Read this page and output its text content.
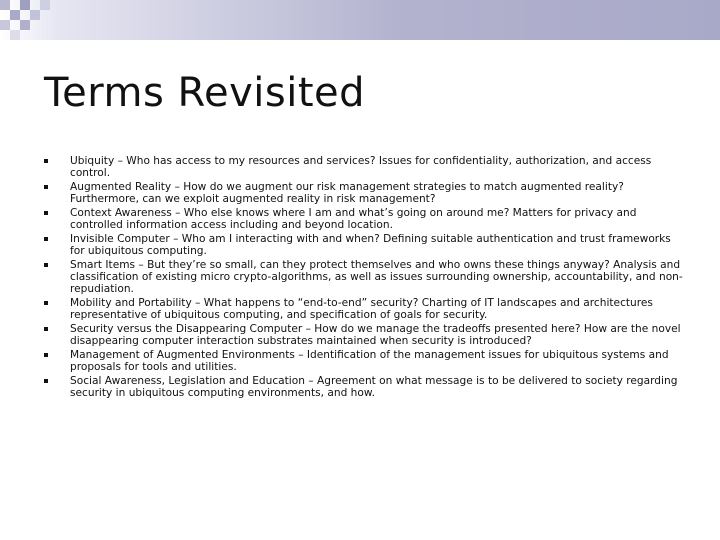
Terms Revisited
Ubiquity – Who has access to my resources and services? Issues for confidentiality, authorization, and access control.
Augmented Reality – How do we augment our risk management strategies to match augmented reality? Furthermore, can we exploit augmented reality in risk management?
Context Awareness – Who else knows where I am and what’s going on around me? Matters for privacy and controlled information access including and beyond location.
Invisible Computer – Who am I interacting with and when? Defining suitable authentication and trust frameworks for ubiquitous computing.
Smart Items – But they’re so small, can they protect themselves and who owns these things anyway? Analysis and classification of existing micro crypto-algorithms, as well as issues surrounding ownership, accountability, and non-repudiation.
Mobility and Portability – What happens to “end-to-end” security? Charting of IT landscapes and architectures representative of ubiquitous computing, and specification of goals for security.
Security versus the Disappearing Computer – How do we manage the tradeoffs presented here? How are the novel disappearing computer interaction substrates maintained when security is introduced?
Management of Augmented Environments – Identification of the management issues for ubiquitous systems and proposals for tools and utilities.
Social Awareness, Legislation and Education – Agreement on what message is to be delivered to society regarding security in ubiquitous computing environments, and how.
